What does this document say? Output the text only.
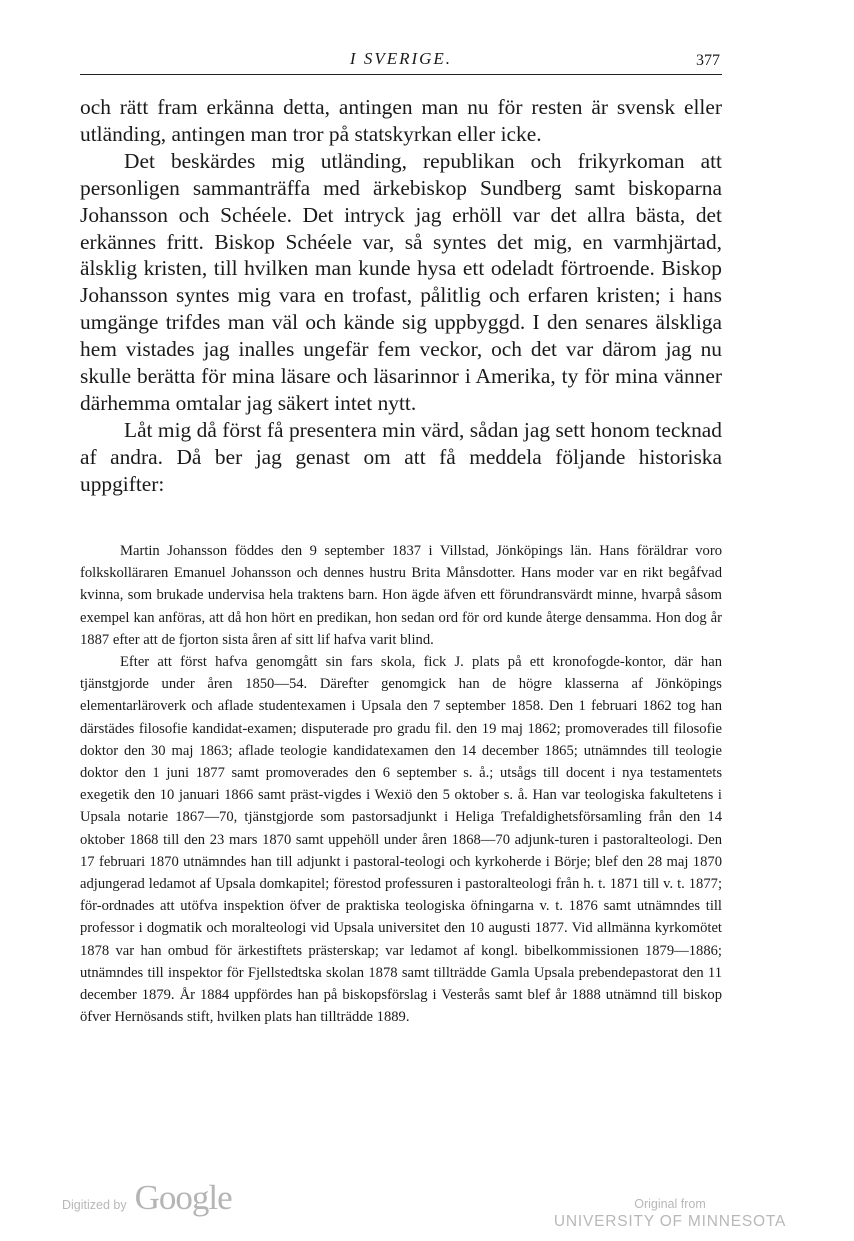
I SVERIGE.	377

och rätt fram erkänna detta, antingen man nu för resten är svensk eller utländing, antingen man tror på statskyrkan eller icke.

Det beskärdes mig utländing, republikan och frikyrkoman att personligen sammanträffa med ärkebiskop Sundberg samt biskoparna Johansson och Schéele. Det intryck jag erhöll var det allra bästa, det erkännes fritt. Biskop Schéele var, så syntes det mig, en varmhjärtad, älsklig kristen, till hvilken man kunde hysa ett odeladt förtroende. Biskop Johansson syntes mig vara en trofast, pålitlig och erfaren kristen; i hans umgänge trifdes man väl och kände sig uppbyggd. I den senares älskliga hem vistades jag inalles ungefär fem veckor, och det var därom jag nu skulle berätta för mina läsare och läsarinnor i Amerika, ty för mina vänner därhemma omtalar jag säkert intet nytt.

Låt mig då först få presentera min värd, sådan jag sett honom tecknad af andra. Då ber jag genast om att få meddela följande historiska uppgifter:

Martin Johansson föddes den 9 september 1837 i Villstad, Jönköpings län. Hans föräldrar voro folkskolläraren Emanuel Johansson och dennes hustru Brita Månsdotter. Hans moder var en rikt begåfvad kvinna, som brukade undervisa hela traktens barn. Hon ägde äfven ett förundransvärdt minne, hvarpå såsom exempel kan anföras, att då hon hört en predikan, hon sedan ord för ord kunde återge densamma. Hon dog år 1887 efter att de fjorton sista åren af sitt lif hafva varit blind.

Efter att först hafva genomgått sin fars skola, fick J. plats på ett kronofogde-kontor, där han tjänstgjorde under åren 1850—54. Därefter genomgick han de högre klasserna af Jönköpings elementarläroverk och aflade studentexamen i Upsala den 7 september 1858. Den 1 februari 1862 tog han därstädes filosofie kandidat-examen; disputerade pro gradu fil. den 19 maj 1862; promoverades till filosofie doktor den 30 maj 1863; aflade teologie kandidatexamen den 14 december 1865; utnämndes till teologie doktor den 1 juni 1877 samt promoverades den 6 september s. å.; utsågs till docent i nya testamentets exegetik den 10 januari 1866 samt präst-vigdes i Wexiö den 5 oktober s. å. Han var teologiska fakultetens i Upsala notarie 1867—70, tjänstgjorde som pastorsadjunkt i Heliga Trefaldighetsförsamling från den 14 oktober 1868 till den 23 mars 1870 samt uppehöll under åren 1868—70 adjunk-turen i pastoralteologi. Den 17 februari 1870 utnämndes han till adjunkt i pastoral-teologi och kyrkoherde i Börje; blef den 28 maj 1870 adjungerad ledamot af Upsala domkapitel; förestod professuren i pastoralteologi från h. t. 1871 till v. t. 1877; för-ordnades att utöfva inspektion öfver de praktiska teologiska öfningarna v. t. 1876 samt utnämndes till professor i dogmatik och moralteologi vid Upsala universitet den 10 augusti 1877. Vid allmänna kyrkomötet 1878 var han ombud för ärkestiftets prästerskap; var ledamot af kongl. bibelkommissionen 1879—1886; utnämndes till inspektor för Fjellstedtska skolan 1878 samt tillträdde Gamla Upsala prebendepastorat den 11 december 1879. År 1884 uppfördes han på biskopsförslag i Vesterås samt blef år 1888 utnämnd till biskop öfver Hernösands stift, hvilken plats han tillträdde 1889.

Digitized by Google	Original from
UNIVERSITY OF MINNESOTA
